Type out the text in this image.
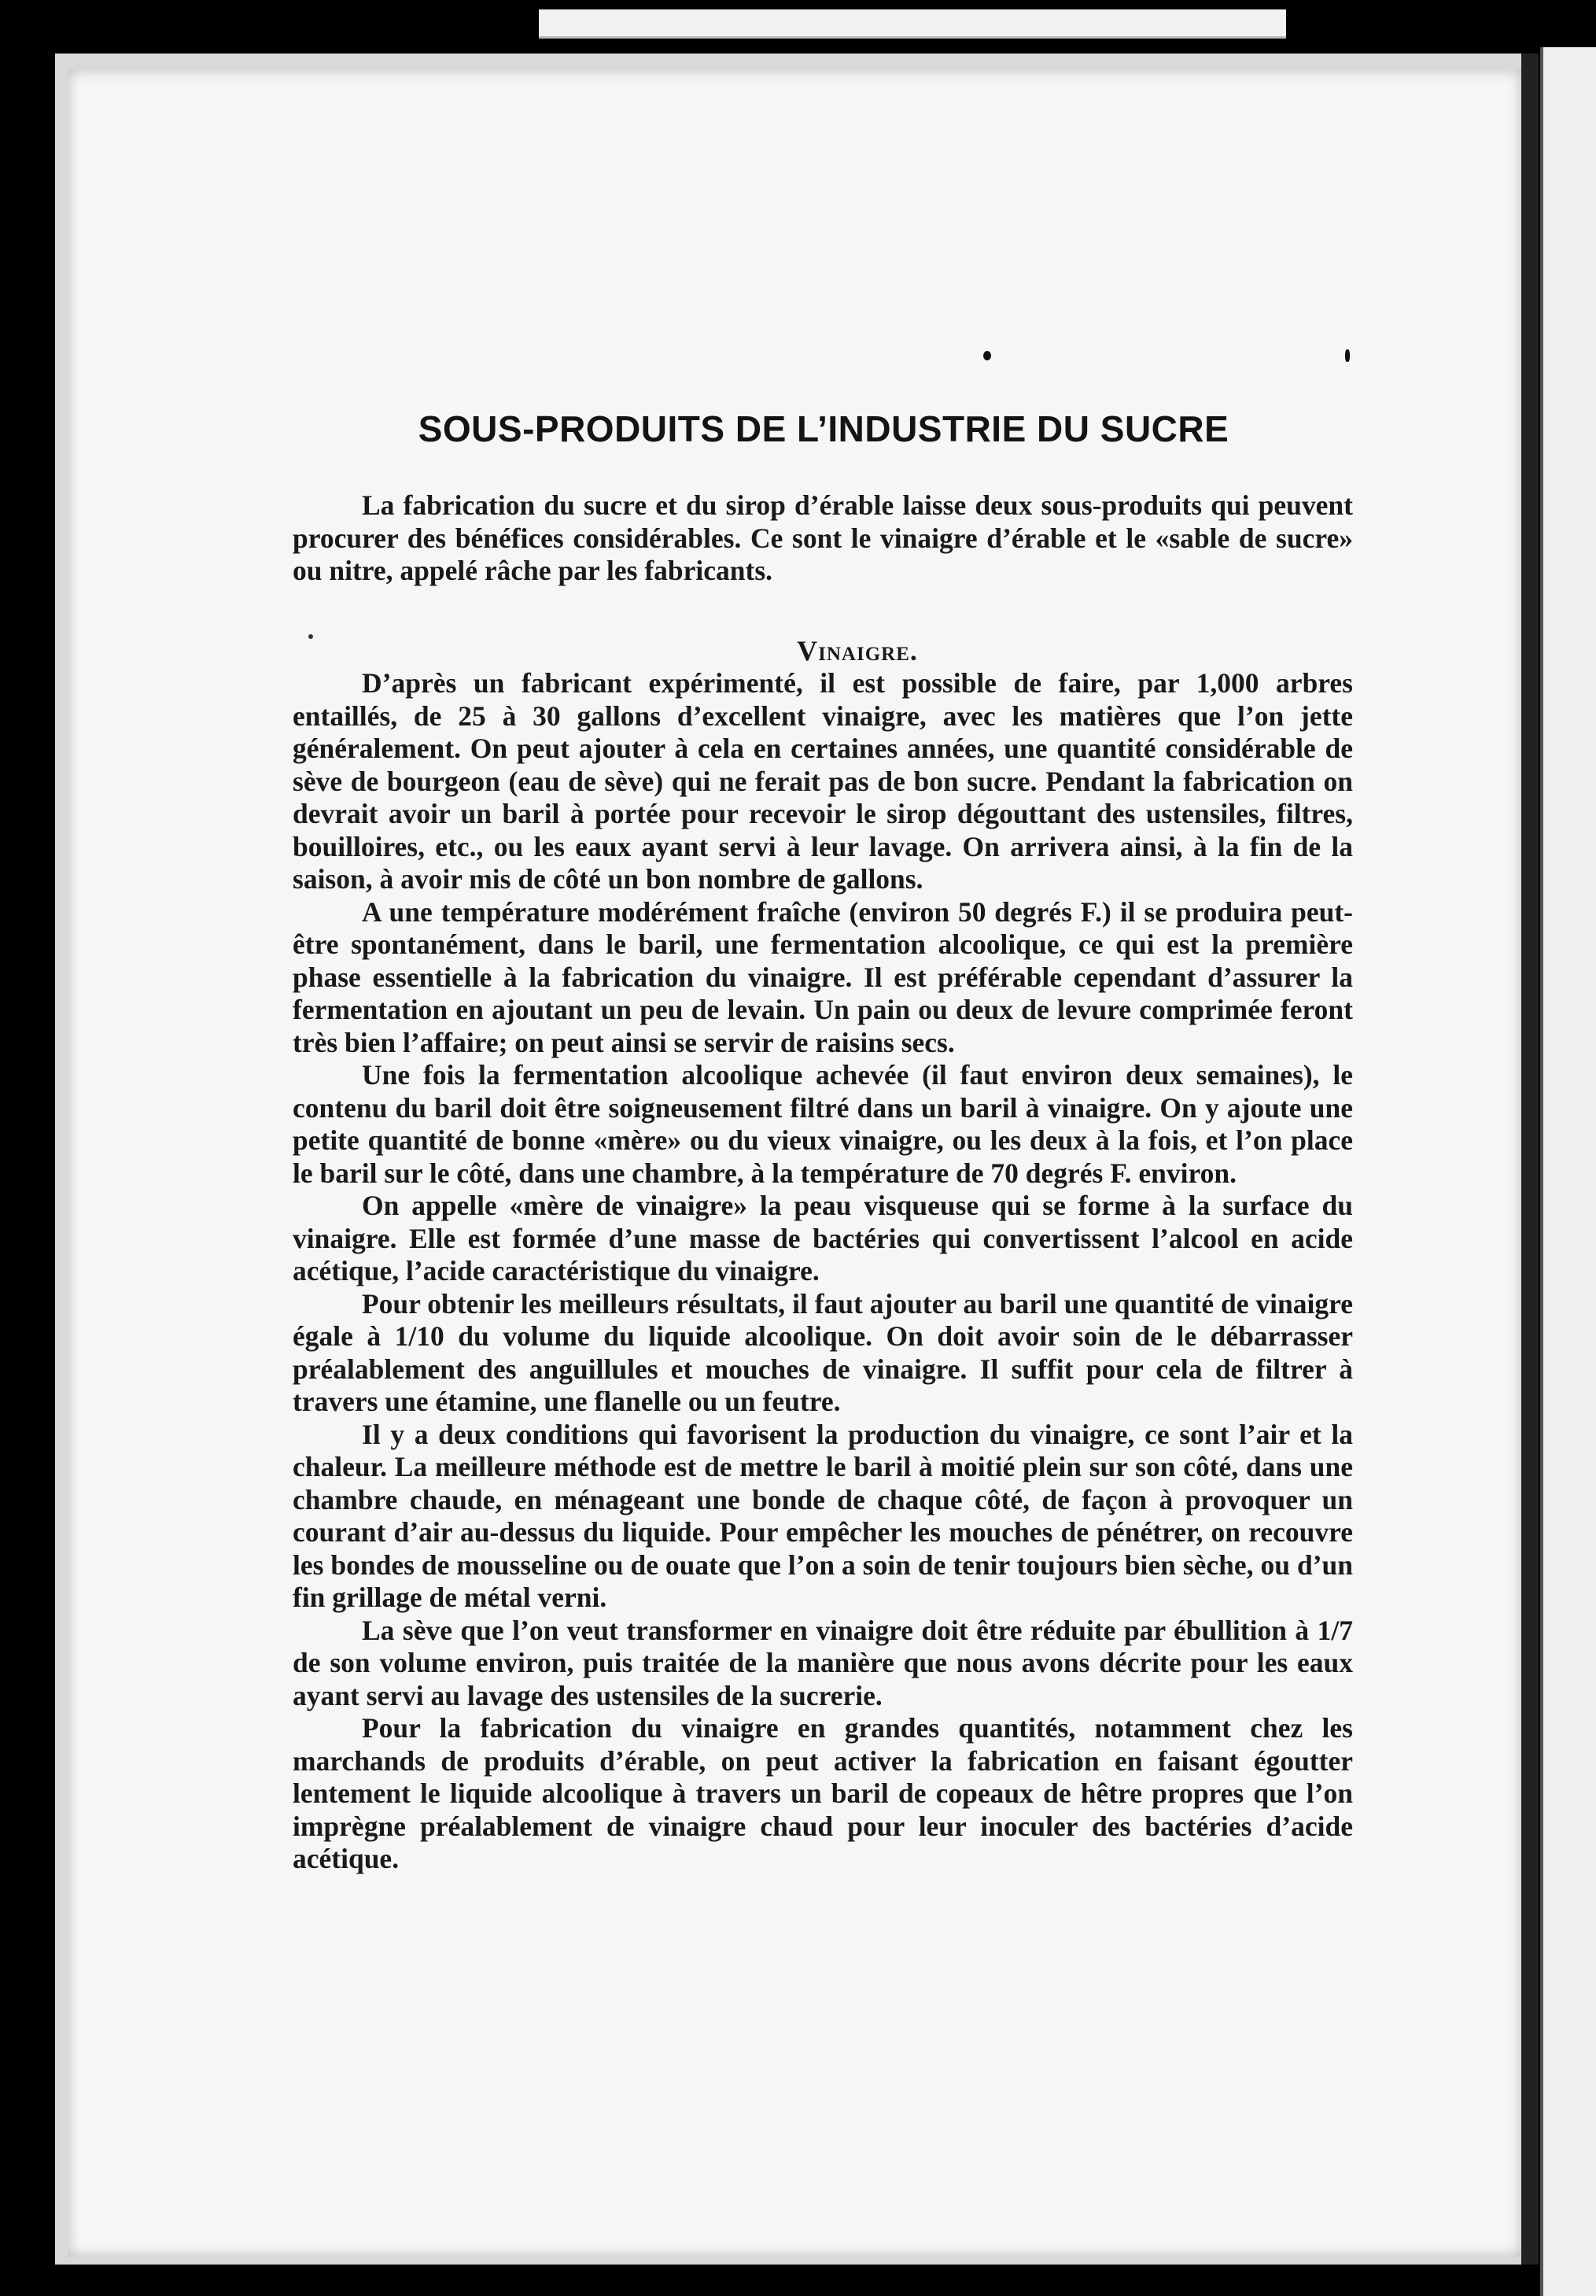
SOUS-PRODUITS DE L’INDUSTRIE DU SUCRE

La fabrication du sucre et du sirop d’érable laisse deux sous-produits qui peuvent procurer des bénéfices considérables. Ce sont le vinaigre d’érable et le «sable de sucre» ou nitre, appelé râche par les fabricants.

Vinaigre.

D’après un fabricant expérimenté, il est possible de faire, par 1,000 arbres entaillés, de 25 à 30 gallons d’excellent vinaigre, avec les matières que l’on jette généralement. On peut ajouter à cela en certaines années, une quantité considérable de sève de bourgeon (eau de sève) qui ne ferait pas de bon sucre. Pendant la fabrication on devrait avoir un baril à portée pour recevoir le sirop dégouttant des ustensiles, filtres, bouilloires, etc., ou les eaux ayant servi à leur lavage. On arrivera ainsi, à la fin de la saison, à avoir mis de côté un bon nombre de gallons.

A une température modérément fraîche (environ 50 degrés F.) il se produira peut-être spontanément, dans le baril, une fermentation alcoolique, ce qui est la première phase essentielle à la fabrication du vinaigre. Il est préférable cependant d’assurer la fermentation en ajoutant un peu de levain. Un pain ou deux de levure comprimée feront très bien l’affaire; on peut ainsi se servir de raisins secs.

Une fois la fermentation alcoolique achevée (il faut environ deux semaines), le contenu du baril doit être soigneusement filtré dans un baril à vinaigre. On y ajoute une petite quantité de bonne «mère» ou du vieux vinaigre, ou les deux à la fois, et l’on place le baril sur le côté, dans une chambre, à la température de 70 degrés F. environ.

On appelle «mère de vinaigre» la peau visqueuse qui se forme à la surface du vinaigre. Elle est formée d’une masse de bactéries qui convertissent l’alcool en acide acétique, l’acide caractéristique du vinaigre.

Pour obtenir les meilleurs résultats, il faut ajouter au baril une quantité de vinaigre égale à 1/10 du volume du liquide alcoolique. On doit avoir soin de le débarrasser préalablement des anguillules et mouches de vinaigre. Il suffit pour cela de filtrer à travers une étamine, une flanelle ou un feutre.

Il y a deux conditions qui favorisent la production du vinaigre, ce sont l’air et la chaleur. La meilleure méthode est de mettre le baril à moitié plein sur son côté, dans une chambre chaude, en ménageant une bonde de chaque côté, de façon à provoquer un courant d’air au-dessus du liquide. Pour empêcher les mouches de pénétrer, on recouvre les bondes de mousseline ou de ouate que l’on a soin de tenir toujours bien sèche, ou d’un fin grillage de métal verni.

La sève que l’on veut transformer en vinaigre doit être réduite par ébullition à 1/7 de son volume environ, puis traitée de la manière que nous avons décrite pour les eaux ayant servi au lavage des ustensiles de la sucrerie.

Pour la fabrication du vinaigre en grandes quantités, notamment chez les marchands de produits d’érable, on peut activer la fabrication en faisant égoutter lentement le liquide alcoolique à travers un baril de copeaux de hêtre propres que l’on imprègne préalablement de vinaigre chaud pour leur inoculer des bactéries d’acide acétique.
